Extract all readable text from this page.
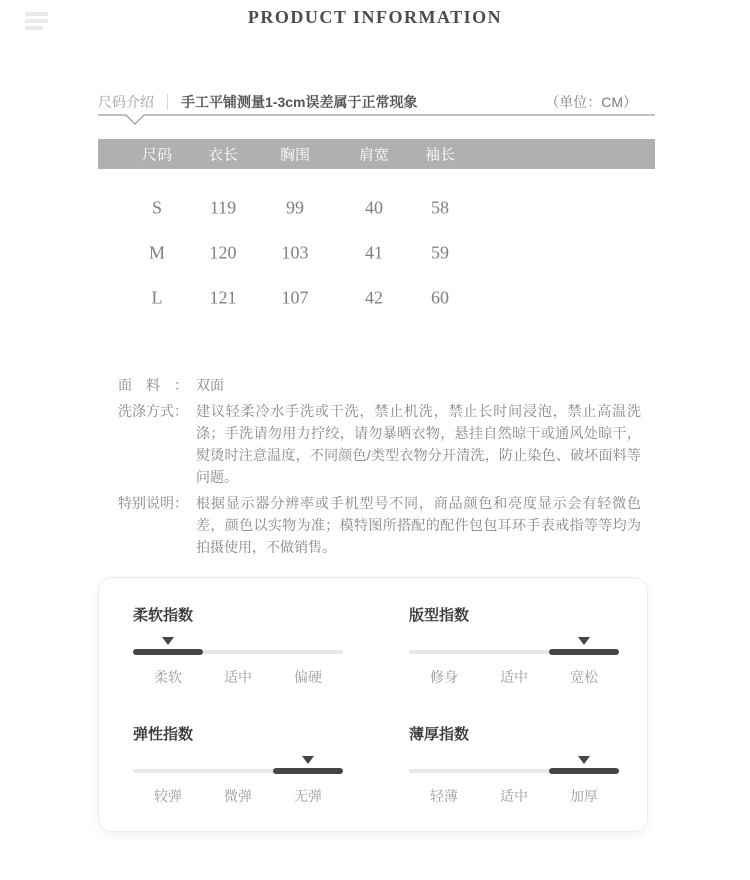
PRODUCT INFORMATION
尺码介绍 手工平铺测量1-3cm误差属于正常现象	（单位：CM）
尺码 衣长	胸围	肩宽 袖长
S	119	99	40	58
M 120	103	41	59
L	121	107	42	60
面料： 双面
洗涤方式： 建议轻柔冷水手洗或干洗，禁止机洗，禁止长时间浸泡，禁止高温洗涤；手洗请勿用力拧绞，请勿暴晒衣物，悬挂自然晾干或通风处晾干，熨烫时注意温度，不同颜色/类型衣物分开清洗，防止染色、破坏面料等问题。
特别说明： 根据显示器分辨率或手机型号不同，商品颜色和亮度显示会有轻微色差，颜色以实物为准；模特图所搭配的配件包包耳环手表戒指等等均为拍摄使用，不做销售。
柔软指数
柔软	适中	偏硬
版型指数
修身	适中	宽松
弹性指数
较弹	微弹	无弹
薄厚指数
轻薄	适中	加厚
